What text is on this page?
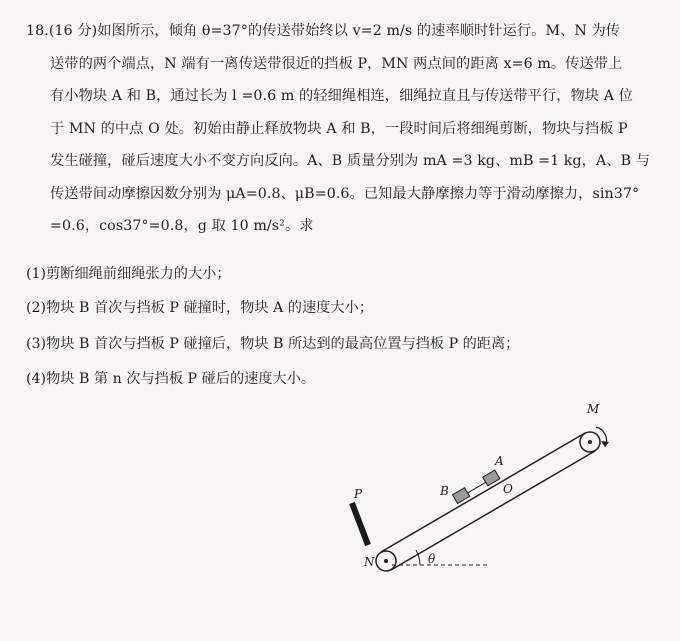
18.(16 分)如图所示，倾角 θ=37°的传送带始终以 v=2 m/s 的速率顺时针运行。M、N 为传
送带的两个端点，N 端有一离传送带很近的挡板 P，MN 两点间的距离 x=6 m。传送带上
有小物块 A 和 B，通过长为 l =0.6 m 的轻细绳相连，细绳拉直且与传送带平行，物块 A 位
于 MN 的中点 O 处。初始由静止释放物块 A 和 B，一段时间后将细绳剪断，物块与挡板 P
发生碰撞，碰后速度大小不变方向反向。A、B 质量分别为 mA =3 kg、mB =1 kg，A、B 与
传送带间动摩擦因数分别为 μA=0.8、μB=0.6。已知最大静摩擦力等于滑动摩擦力，sin37°
=0.6，cos37°=0.8，g 取 10 m/s²。求
(1)剪断细绳前细绳张力的大小；
(2)物块 B 首次与挡板 P 碰撞时，物块 A 的速度大小；
(3)物块 B 首次与挡板 P 碰撞后，物块 B 所达到的最高位置与挡板 P 的距离；
(4)物块 B 第 n 次与挡板 P 碰后的速度大小。
θ
M
N
P
A
B	O
